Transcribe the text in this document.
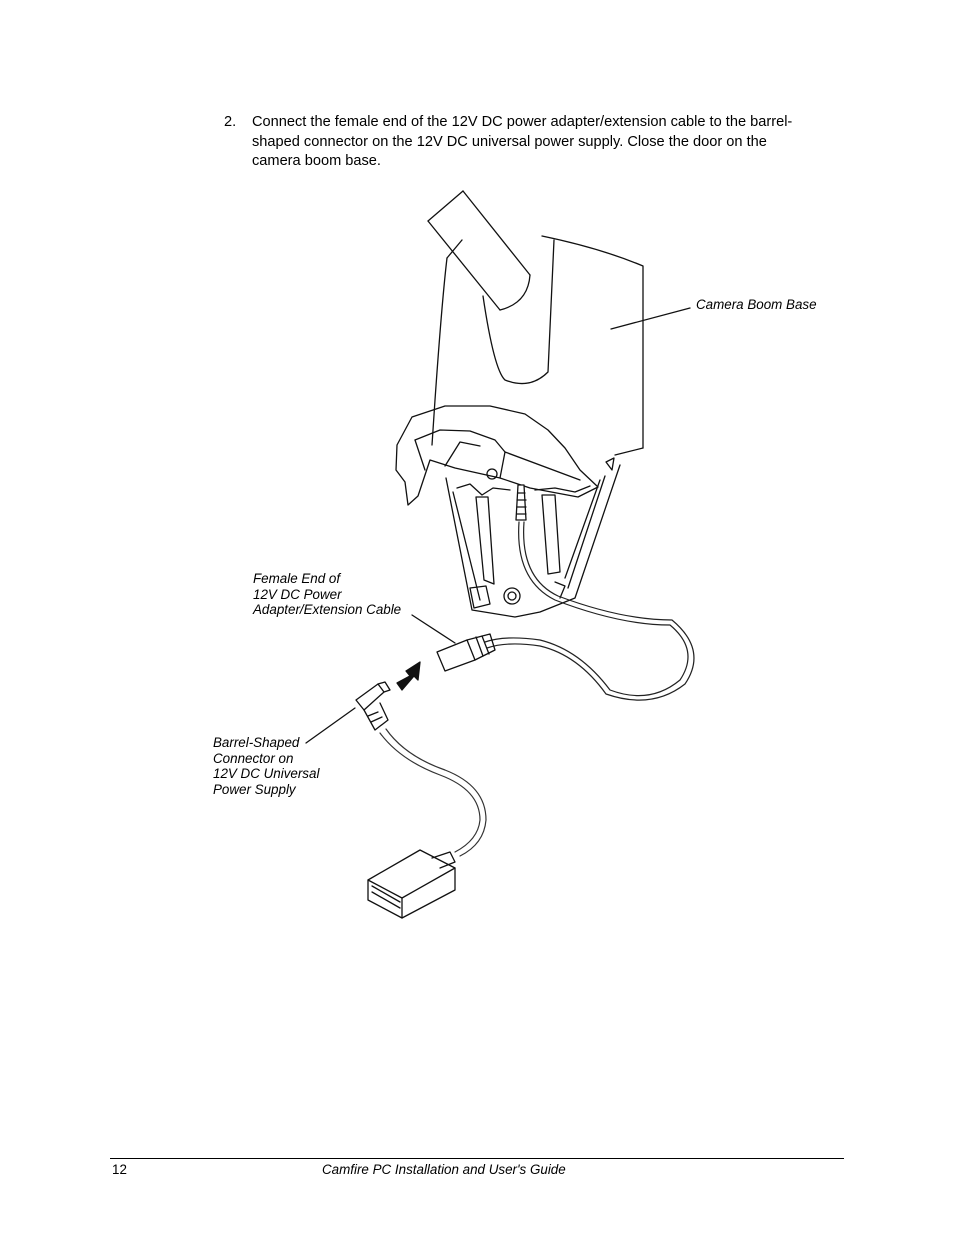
2. Connect the female end of the 12V DC power adapter/extension cable to the barrel-
shaped connector on the 12V DC universal power supply. Close the door on the
camera boom base.
Camera Boom Base
Female End of
12V DC Power
Adapter/Extension Cable
Barrel-Shaped
Connector on
12V DC Universal
Power Supply
12	Camfire PC Installation and User's Guide
